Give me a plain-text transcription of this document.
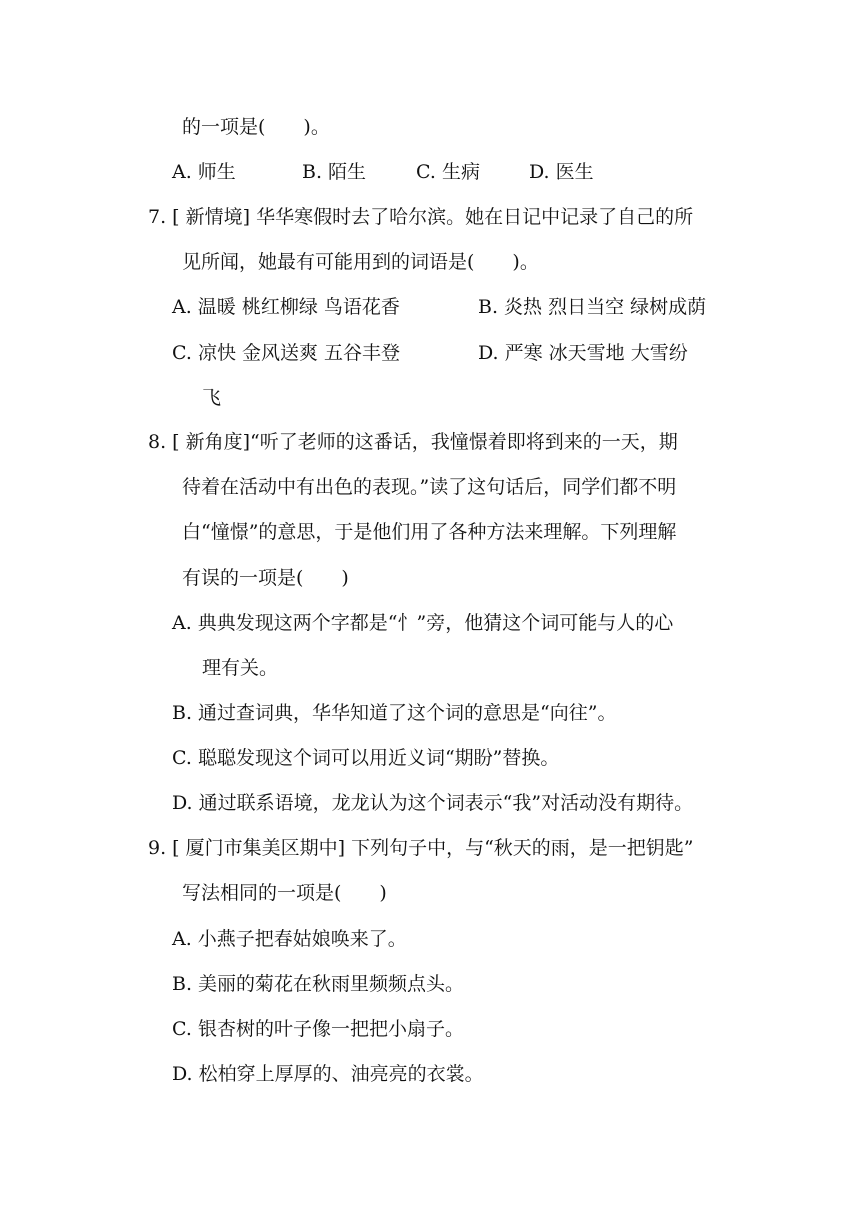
的一项是(　　)。
A. 师生	B. 陌生	C. 生病	D. 医生
7. [ 新情境] 华华寒假时去了哈尔滨。她在日记中记录了自己的所
见所闻，她最有可能用到的词语是(　　)。
A. 温暖 桃红柳绿 鸟语花香	B. 炎热 烈日当空 绿树成荫
C. 凉快 金风送爽 五谷丰登	D. 严寒 冰天雪地 大雪纷
飞
8. [ 新角度]“听了老师的这番话，我憧憬着即将到来的一天，期
待着在活动中有出色的表现。”读了这句话后，同学们都不明
白“憧憬”的意思，于是他们用了各种方法来理解。下列理解
有误的一项是(　　)
A. 典典发现这两个字都是“忄”旁，他猜这个词可能与人的心
理有关。
B. 通过查词典，华华知道了这个词的意思是“向往”。
C. 聪聪发现这个词可以用近义词“期盼”替换。
D. 通过联系语境，龙龙认为这个词表示“我”对活动没有期待。
9. [ 厦门市集美区期中] 下列句子中，与“秋天的雨，是一把钥匙”
写法相同的一项是(　　)
A. 小燕子把春姑娘唤来了。
B. 美丽的菊花在秋雨里频频点头。
C. 银杏树的叶子像一把把小扇子。
D. 松柏穿上厚厚的、油亮亮的衣裳。
